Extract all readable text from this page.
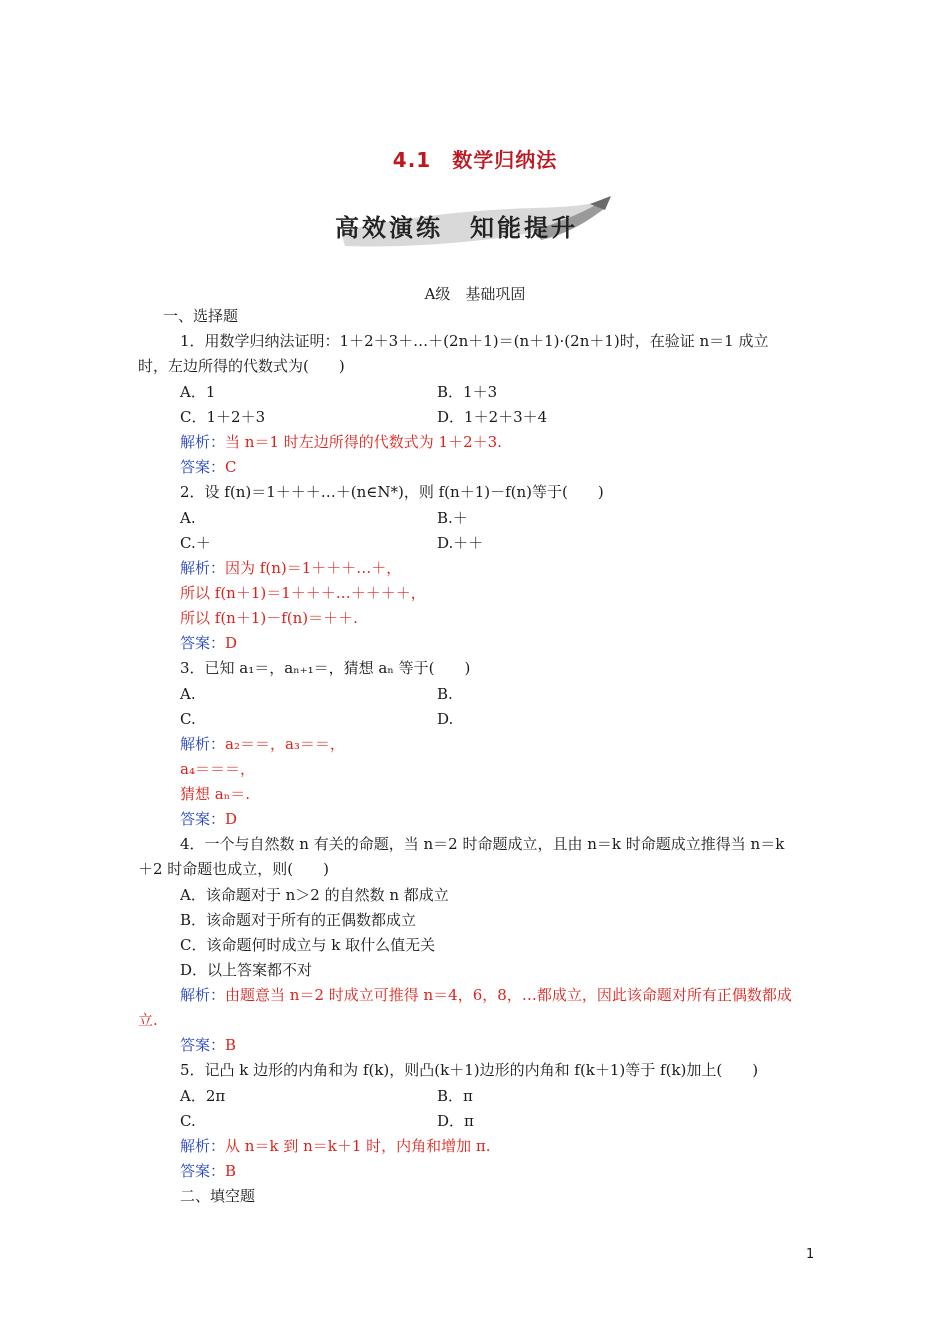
4.1　数学归纳法
高效演练　知能提升
A级　基础巩固
一、选择题
1．用数学归纳法证明：1＋2＋3＋…＋(2n＋1)＝(n＋1)·(2n＋1)时，在验证 n＝1 成立
时，左边所得的代数式为(　　)
A．1	B．1＋3
C．1＋2＋3	D．1＋2＋3＋4
解析：当 n＝1 时左边所得的代数式为 1＋2＋3.
答案：C
2．设 f(n)＝1＋＋＋…＋(n∈N*)，则 f(n＋1)－f(n)等于(　　)
A.	B.＋
C.＋	D.＋＋
解析：因为 f(n)＝1＋＋＋…＋，
所以 f(n＋1)＝1＋＋＋…＋＋＋＋，
所以 f(n＋1)－f(n)＝＋＋.
答案：D
3．已知 a₁＝，aₙ₊₁＝，猜想 aₙ 等于(　　)
A.	B.
C.	D.
解析：a₂＝＝，a₃＝＝，
a₄＝＝＝，
猜想 aₙ＝.
答案：D
4．一个与自然数 n 有关的命题，当 n＝2 时命题成立，且由 n＝k 时命题成立推得当 n＝k
＋2 时命题也成立，则(　　)
A．该命题对于 n＞2 的自然数 n 都成立
B．该命题对于所有的正偶数都成立
C．该命题何时成立与 k 取什么值无关
D．以上答案都不对
解析：由题意当 n＝2 时成立可推得 n＝4，6，8，…都成立，因此该命题对所有正偶数都成
立.
答案：B
5．记凸 k 边形的内角和为 f(k)，则凸(k＋1)边形的内角和 f(k＋1)等于 f(k)加上(　　)
A．2π	B．π
C.	D．π
解析：从 n＝k 到 n＝k＋1 时，内角和增加 π.
答案：B
二、填空题
1
